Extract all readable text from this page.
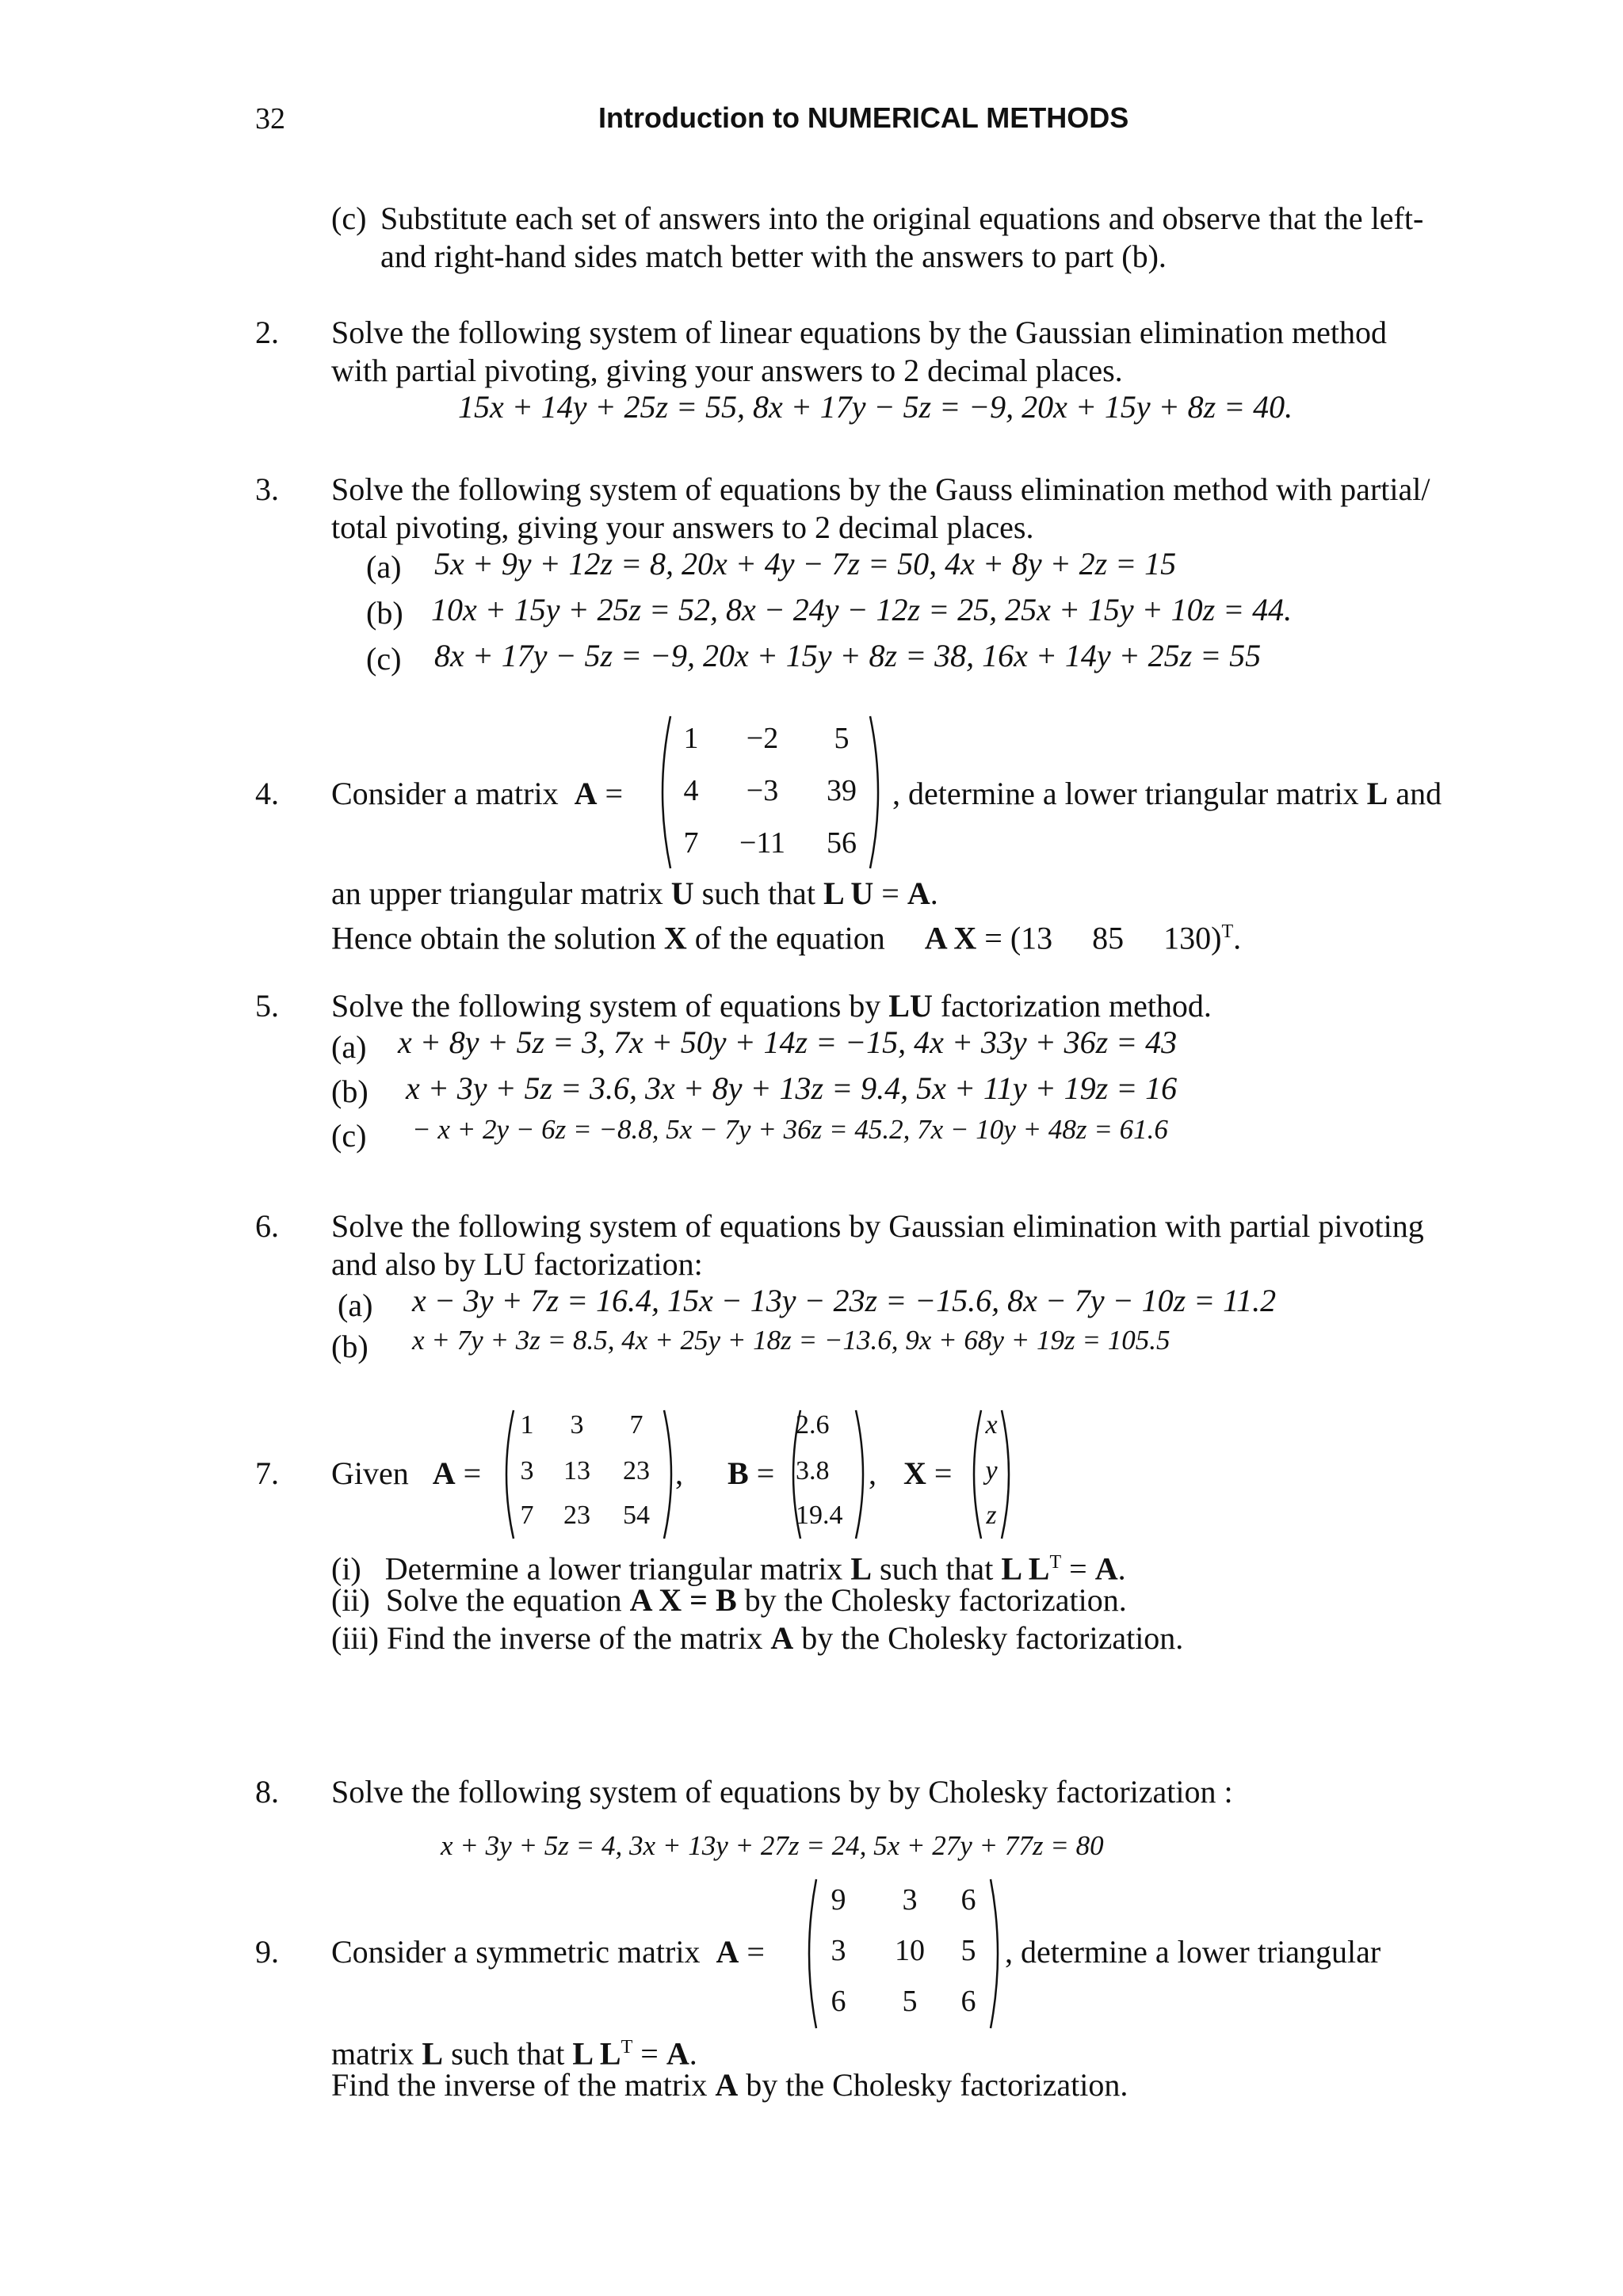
32	Introduction to NUMERICAL METHODS
(c) Substitute each set of answers into the original equations and observe that the left-
and right-hand sides match better with the answers to part (b).
2. Solve the following system of linear equations by the Gaussian elimination method
with partial pivoting, giving your answers to 2 decimal places.
15x + 14y + 25z = 55, 8x + 17y − 5z = −9, 20x + 15y + 8z = 40.
3. Solve the following system of equations by the Gauss elimination method with partial/
total pivoting, giving your answers to 2 decimal places.
(a) 5x + 9y + 12z = 8, 20x + 4y − 7z = 50, 4x + 8y + 2z = 15
(b) 10x + 15y + 25z = 52, 8x − 24y − 12z = 25, 25x + 15y + 10z = 44.
(c) 8x + 17y − 5z = −9, 20x + 15y + 8z = 38, 16x + 14y + 25z = 55
4. Consider a matrix A =
1	−2	5
4	−3	39
7	−11	56
, determine a lower triangular matrix L and
an upper triangular matrix U such that L U = A.
Hence obtain the solution X of the equation A X = (13     85     130)$^T$.
5. Solve the following system of equations by LU factorization method.
(a) x + 8y + 5z = 3, 7x + 50y + 14z = −15, 4x + 33y + 36z = 43
(b) x + 3y + 5z = 3.6, 3x + 8y + 13z = 9.4, 5x + 11y + 19z = 16
(c) − x + 2y − 6z = −8.8, 5x − 7y + 36z = 45.2, 7x − 10y + 48z = 61.6
6. Solve the following system of equations by Gaussian elimination with partial pivoting
and also by LU factorization:
(a) x − 3y + 7z = 16.4, 15x − 13y − 23z = −15.6, 8x − 7y − 10z = 11.2
(b) x + 7y + 3z = 8.5, 4x + 25y + 18z = −13.6, 9x + 68y + 19z = 105.5
7. Given A =
1	3	7
3	13	23
7	23	54
, B =
2.6
3.8
19.4
, X =
x
y
z
(i) Determine a lower triangular matrix L such that L $L^T = A$.
(ii) Solve the equation A X = B by the Cholesky factorization.
(iii) Find the inverse of the matrix A by the Cholesky factorization.
8. Solve the following system of equations by by Cholesky factorization :
x + 3y + 5z = 4, 3x + 13y + 27z = 24, 5x + 27y + 77z = 80
9. Consider a symmetric matrix A =
9	3	6
3	10	5
6	5	6
, determine a lower triangular
matrix L such that L $L^T = A$.
Find the inverse of the matrix A by the Cholesky factorization.
